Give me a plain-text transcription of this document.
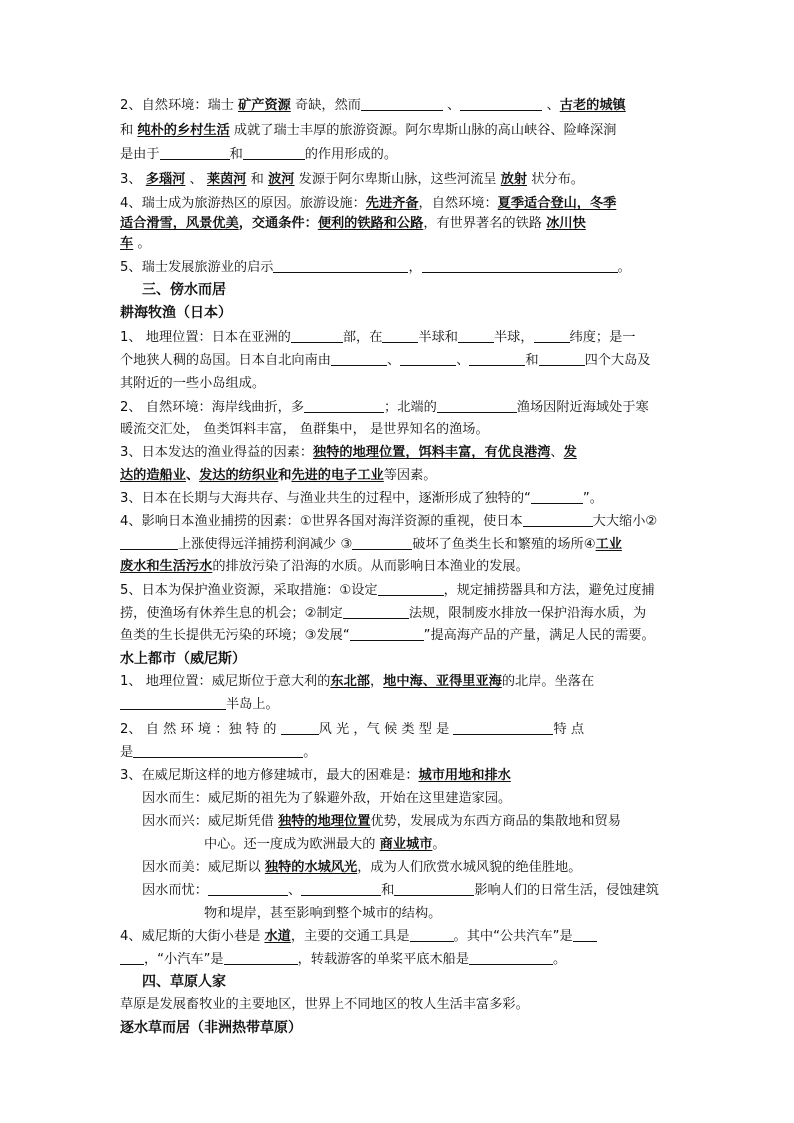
2、自然环境：瑞士 矿产资源 奇缺，然而	、	、古老的城镇
和 纯朴的乡村生活 成就了瑞士丰厚的旅游资源。阿尔卑斯山脉的高山峡谷、险峰深涧
是由于	和	的作用形成的。
3、 多瑙河 、 莱茵河 和 波河 发源于阿尔卑斯山脉，这些河流呈 放射 状分布。
4、瑞士成为旅游热区的原因。旅游设施：先进齐备，自然环境：夏季适合登山，冬季
适合滑雪，风景优美，交通条件：便利的铁路和公路，有世界著名的铁路 冰川快
车 。
5、瑞士发展旅游业的启示	，	。
三、傍水而居
耕海牧渔（日本）
1、 地理位置：日本在亚洲的	部，在	半球和	半球，	纬度；是一
个地狭人稠的岛国。日本自北向南由	、	、	和	四个大岛及
其附近的一些小岛组成。
2、 自然环境：海岸线曲折，多	；北端的	渔场因附近海域处于寒
暖流交汇处， 鱼类饵料丰富， 鱼群集中， 是世界知名的渔场。
3、日本发达的渔业得益的因素：独特的地理位置，饵料丰富，有优良港湾、发
达的造船业、发达的纺织业和先进的电子工业等因素。
3、日本在长期与大海共存、与渔业共生的过程中，逐渐形成了独特的“	”。
4、影响日本渔业捕捞的因素：①世界各国对海洋资源的重视，使日本	大大缩小②
上涨使得远洋捕捞利润减少 ③	破坏了鱼类生长和繁殖的场所④工业
废水和生活污水的排放污染了沿海的水质。从而影响日本渔业的发展。
5、日本为保护渔业资源，采取措施：①设定	，规定捕捞器具和方法，避免过度捕
捞，使渔场有休养生息的机会；②制定	法规，限制废水排放一保护沿海水质，为
鱼类的生长提供无污染的环境；③发展“	”提高海产品的产量，满足人民的需要。
水上都市（威尼斯）
1、 地理位置：威尼斯位于意大利的东北部，地中海、亚得里亚海的北岸。坐落在
半岛上。
2、 自 然 环 境 ：独 特 的	风 光 ，气 候 类 型 是	特 点
是	。
3、在威尼斯这样的地方修建城市，最大的困难是：城市用地和排水
因水而生：威尼斯的祖先为了躲避外敌，开始在这里建造家园。
因水而兴：威尼斯凭借 独特的地理位置优势，发展成为东西方商品的集散地和贸易
中心。还一度成为欧洲最大的 商业城市。
因水而美：威尼斯以 独特的水城风光，成为人们欣赏水城风貌的绝佳胜地。
因水而忧：	、	和	影响人们的日常生活，侵蚀建筑
物和堤岸，甚至影响到整个城市的结构。
4、威尼斯的大街小巷是 水道，主要的交通工具是	。其中“公共汽车”是
，“小汽车”是	，转载游客的单桨平底木船是	。
四、草原人家
草原是发展畜牧业的主要地区，世界上不同地区的牧人生活丰富多彩。
逐水草而居（非洲热带草原）
